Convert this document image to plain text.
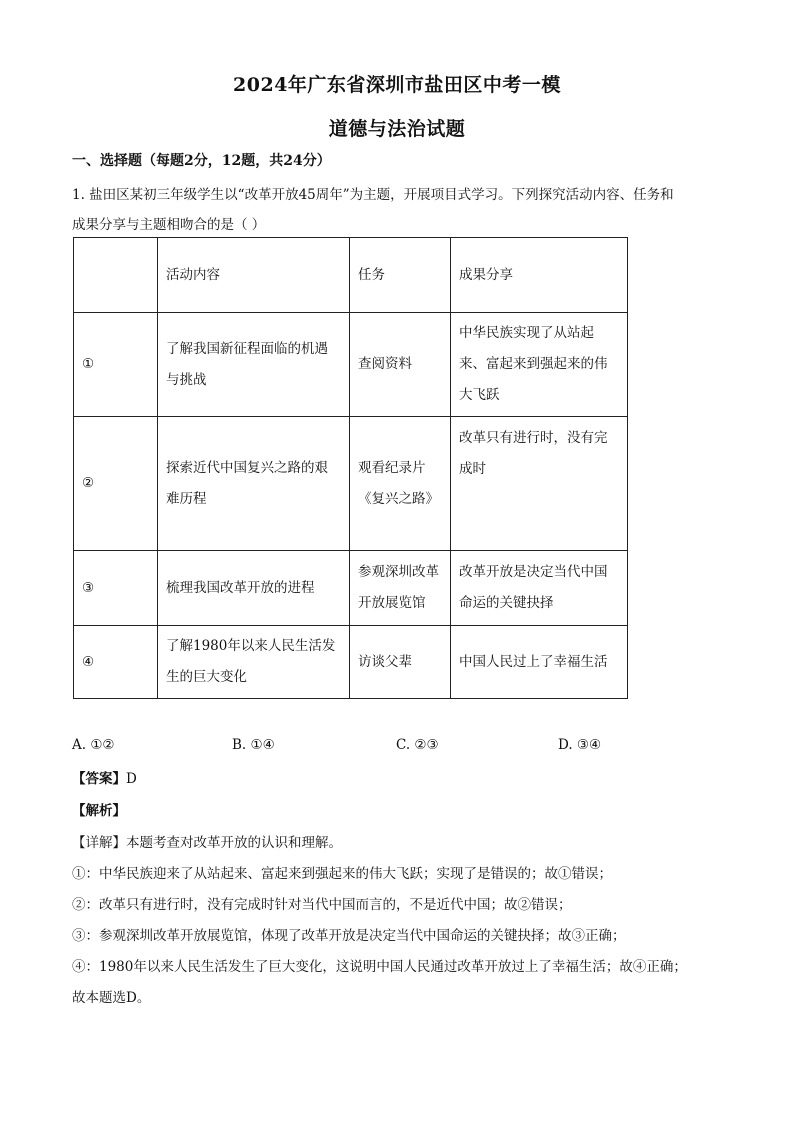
2024年广东省深圳市盐田区中考一模
道德与法治试题
一、选择题（每题2分，12题，共24分）
1. 盐田区某初三年级学生以“改革开放45周年”为主题，开展项目式学习。下列探究活动内容、任务和
成果分享与主题相吻合的是（ ）
	活动内容	任务	成果分享
①	了解我国新征程面临的机遇与挑战	查阅资料	中华民族实现了从站起来、富起来到强起来的伟大飞跃
②	探索近代中国复兴之路的艰难历程	观看纪录片《复兴之路》	改革只有进行时，没有完成时
③	梳理我国改革开放的进程	参观深圳改革开放展览馆	改革开放是决定当代中国命运的关键抉择
④	了解1980年以来人民生活发生的巨大变化	访谈父辈	中国人民过上了幸福生活
A. ①②	B. ①④	C. ②③	D. ③④
【答案】D
【解析】
【详解】本题考查对改革开放的认识和理解。
①：中华民族迎来了从站起来、富起来到强起来的伟大飞跃；实现了是错误的；故①错误；
②：改革只有进行时，没有完成时针对当代中国而言的，不是近代中国；故②错误；
③：参观深圳改革开放展览馆，体现了改革开放是决定当代中国命运的关键抉择；故③正确；
④：1980年以来人民生活发生了巨大变化，这说明中国人民通过改革开放过上了幸福生活；故④正确；
故本题选D。
